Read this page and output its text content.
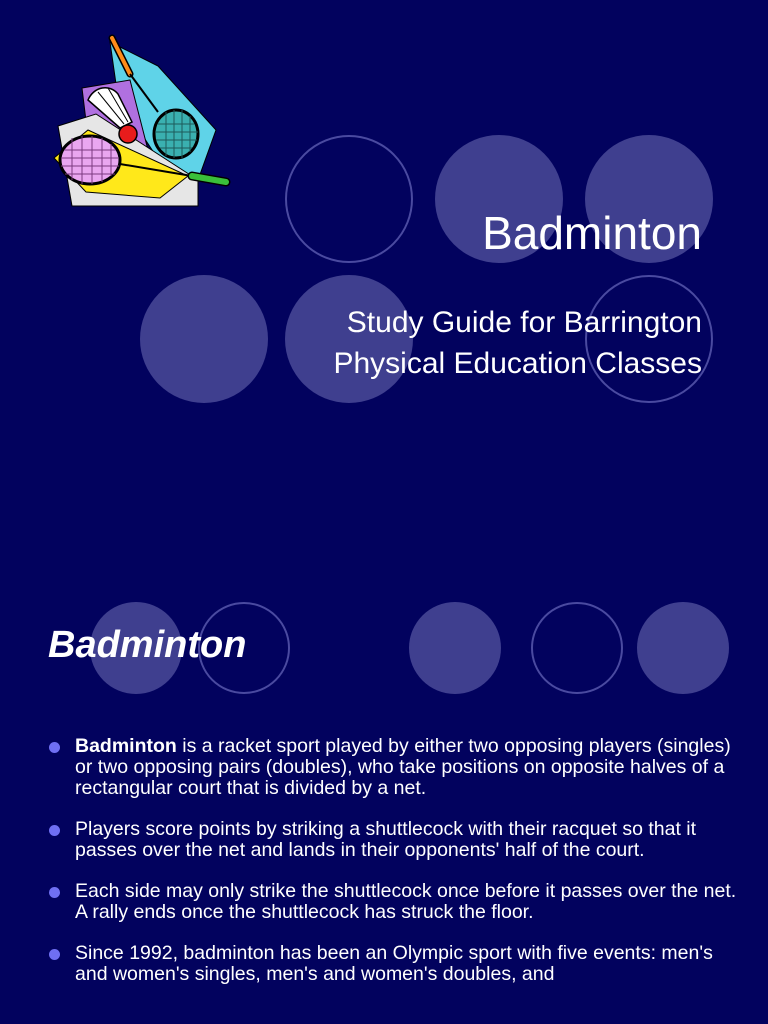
Badminton

Study Guide for Barrington
Physical Education Classes

Badminton
Badminton is a racket sport played by either two opposing players (singles) or two opposing pairs (doubles), who take positions on opposite halves of a rectangular court that is divided by a net.
Players score points by striking a shuttlecock with their racquet so that it passes over the net and lands in their opponents' half of the court.
Each side may only strike the shuttlecock once before it passes over the net. A rally ends once the shuttlecock has struck the floor.
Since 1992, badminton has been an Olympic sport with five events: men's and women's singles, men's and women's doubles, and
